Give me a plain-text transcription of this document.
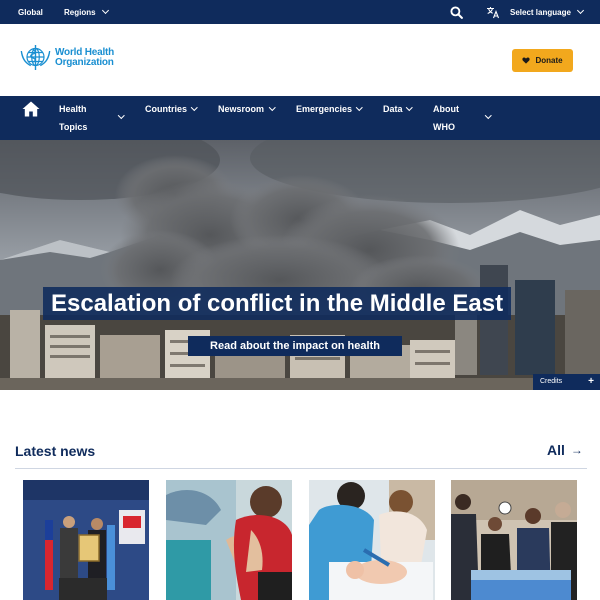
Global	Regions	Select language
World Health
Organization	Donate
Health
Topics
Countries	Newsroom	Emergencies	Data	About
WHO
Escalation of conflict in the Middle East
Read about the impact on health
Credits	+
Latest news	All →
